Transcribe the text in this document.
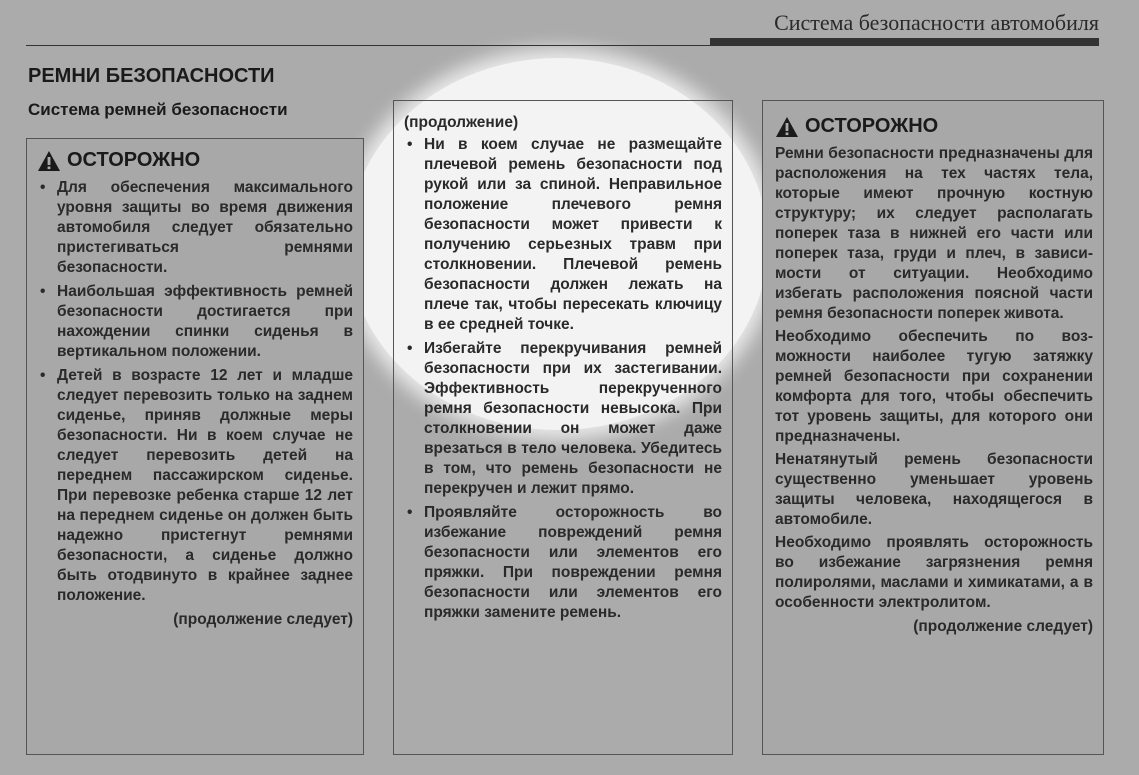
Система безопасности автомобиля
РЕМНИ БЕЗОПАСНОСТИ
Система ремней безопасности
ОСТОРОЖНО
• Для обеспечения максимального уровня защиты во время движения автомобиля следует обязательно пристегиваться ремнями безопасности.
• Наибольшая эффективность ремней безопасности достигается при нахождении спинки сиденья в вертикальном положении.
• Детей в возрасте 12 лет и младше следует перевозить только на заднем сиденье, приняв должные меры безопасности. Ни в коем случае не следует перевозить детей на переднем пассажирском сиденье. При перевозке ребенка старше 12 лет на переднем сиденье он должен быть надежно пристегнут ремнями безопасности, а сиденье должно быть отодвинуто в крайнее заднее положение.
(продолжение следует)
(продолжение)
• Ни в коем случае не размещайте плечевой ремень безопасности под рукой или за спиной. Неправильное положение плечевого ремня безопасности может привести к получению серьезных травм при столкновении. Плечевой ремень безопасности должен лежать на плече так, чтобы пересекать ключицу в ее средней точке.
• Избегайте перекручивания ремней безопасности при их застегивании. Эффективность перекрученного ремня безопасности невысока. При столкновении он может даже врезаться в тело человека. Убедитесь в том, что ремень безопасности не перекручен и лежит прямо.
• Проявляйте осторожность во избежание повреждений ремня безопасности или элементов его пряжки. При повреждении ремня безопасности или элементов его пряжки замените ремень.
ОСТОРОЖНО
Ремни безопасности предназначены для расположения на тех частях тела, которые имеют прочную костную структуру; их следует располагать поперек таза в нижней его части или поперек таза, груди и плеч, в зависимости от ситуации. Необходимо избегать расположения поясной части ремня безопасности поперек живота.
Необходимо обеспечить по возможности наиболее тугую затяжку ремней безопасности при сохранении комфорта для того, чтобы обеспечить тот уровень защиты, для которого они предназначены.
Ненатянутый ремень безопасности существенно уменьшает уровень защиты человека, находящегося в автомобиле.
Необходимо проявлять осторожность во избежание загрязнения ремня полиролями, маслами и химикатами, а в особенности электролитом.
(продолжение следует)
